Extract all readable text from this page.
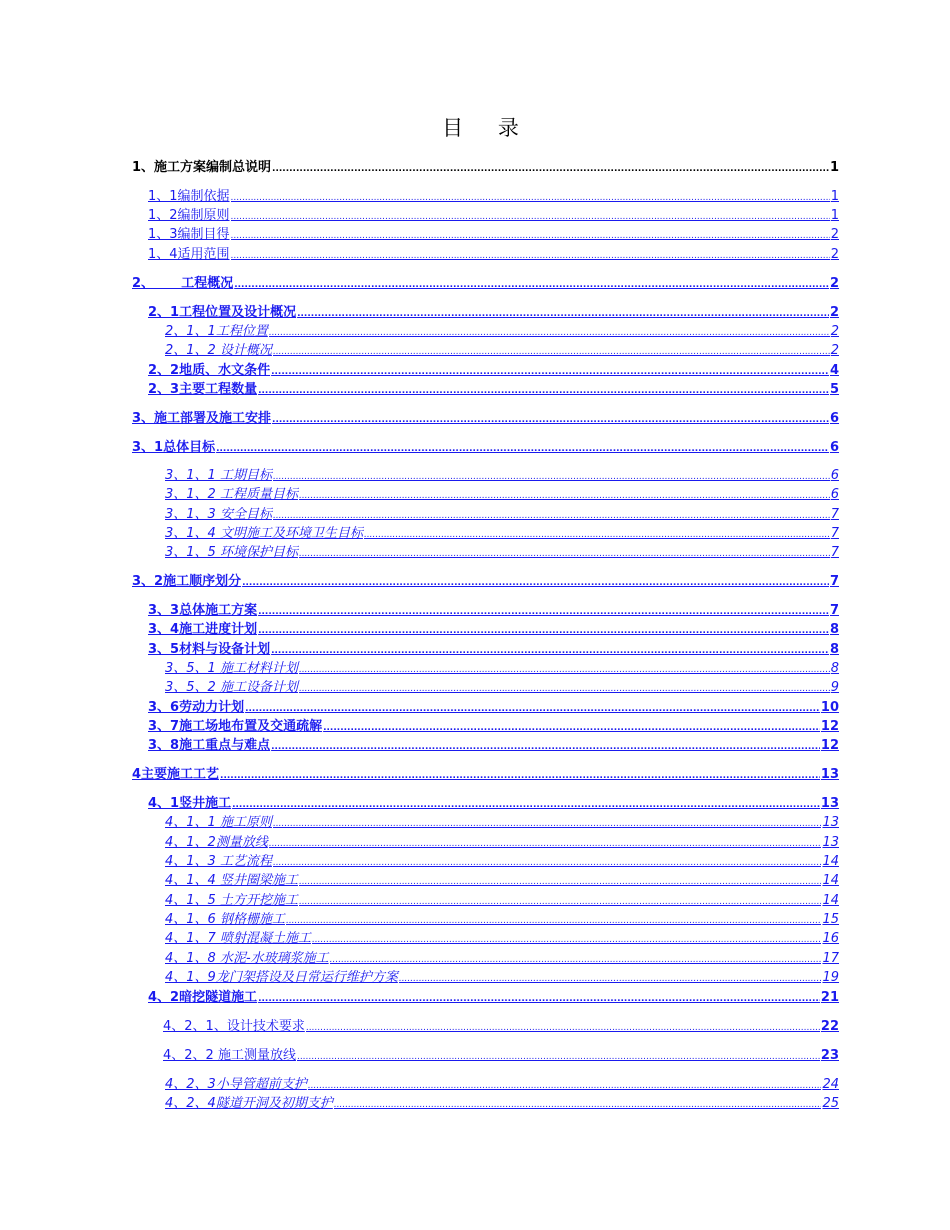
目 录
1、施工方案编制总说明 .....	1
1、1编制依据 .....	1
1、2编制原则 .....	1
1、3编制目得 .....	2
1、4适用范围 .....	2
2、      工程概况 .....	2
2、1工程位置及设计概况 .....	2
2、1、1工程位置 .....	2
2、1、2 设计概况 .....	2
2、2地质、水文条件 .....	4
2、3主要工程数量 .....	5
3、施工部署及施工安排 .....	6
3、1总体目标 .....	6
3、1、1 工期目标 .....	6
3、1、2 工程质量目标 .....	6
3、1、3 安全目标 .....	7
3、1、4 文明施工及环境卫生目标 .....	7
3、1、5 环境保护目标 .....	7
3、2施工顺序划分 .....	7
3、3总体施工方案 .....	7
3、4施工进度计划 .....	8
3、5材料与设备计划 .....	8
3、5、1 施工材料计划 .....	8
3、5、2 施工设备计划 .....	9
3、6劳动力计划 .....	10
3、7施工场地布置及交通疏解 .....	12
3、8施工重点与难点 .....	12
4主要施工工艺 .....	13
4、1竖井施工 .....	13
4、1、1 施工原则 .....	13
4、1、2测量放线 .....	13
4、1、3 工艺流程 .....	14
4、1、4 竖井圈梁施工 .....	14
4、1、5 土方开挖施工 .....	14
4、1、6 钢格栅施工 .....	15
4、1、7 喷射混凝土施工 .....	16
4、1、8 水泥-水玻璃浆施工 .....	17
4、1、9龙门架搭设及日常运行维护方案 .....	19
4、2暗挖隧道施工 .....	21
4、2、1、设计技术要求 .....	22
4、2、2 施工测量放线 .....	23
4、2、3小导管超前支护 .....	24
4、2、4隧道开洞及初期支护 .....	25
